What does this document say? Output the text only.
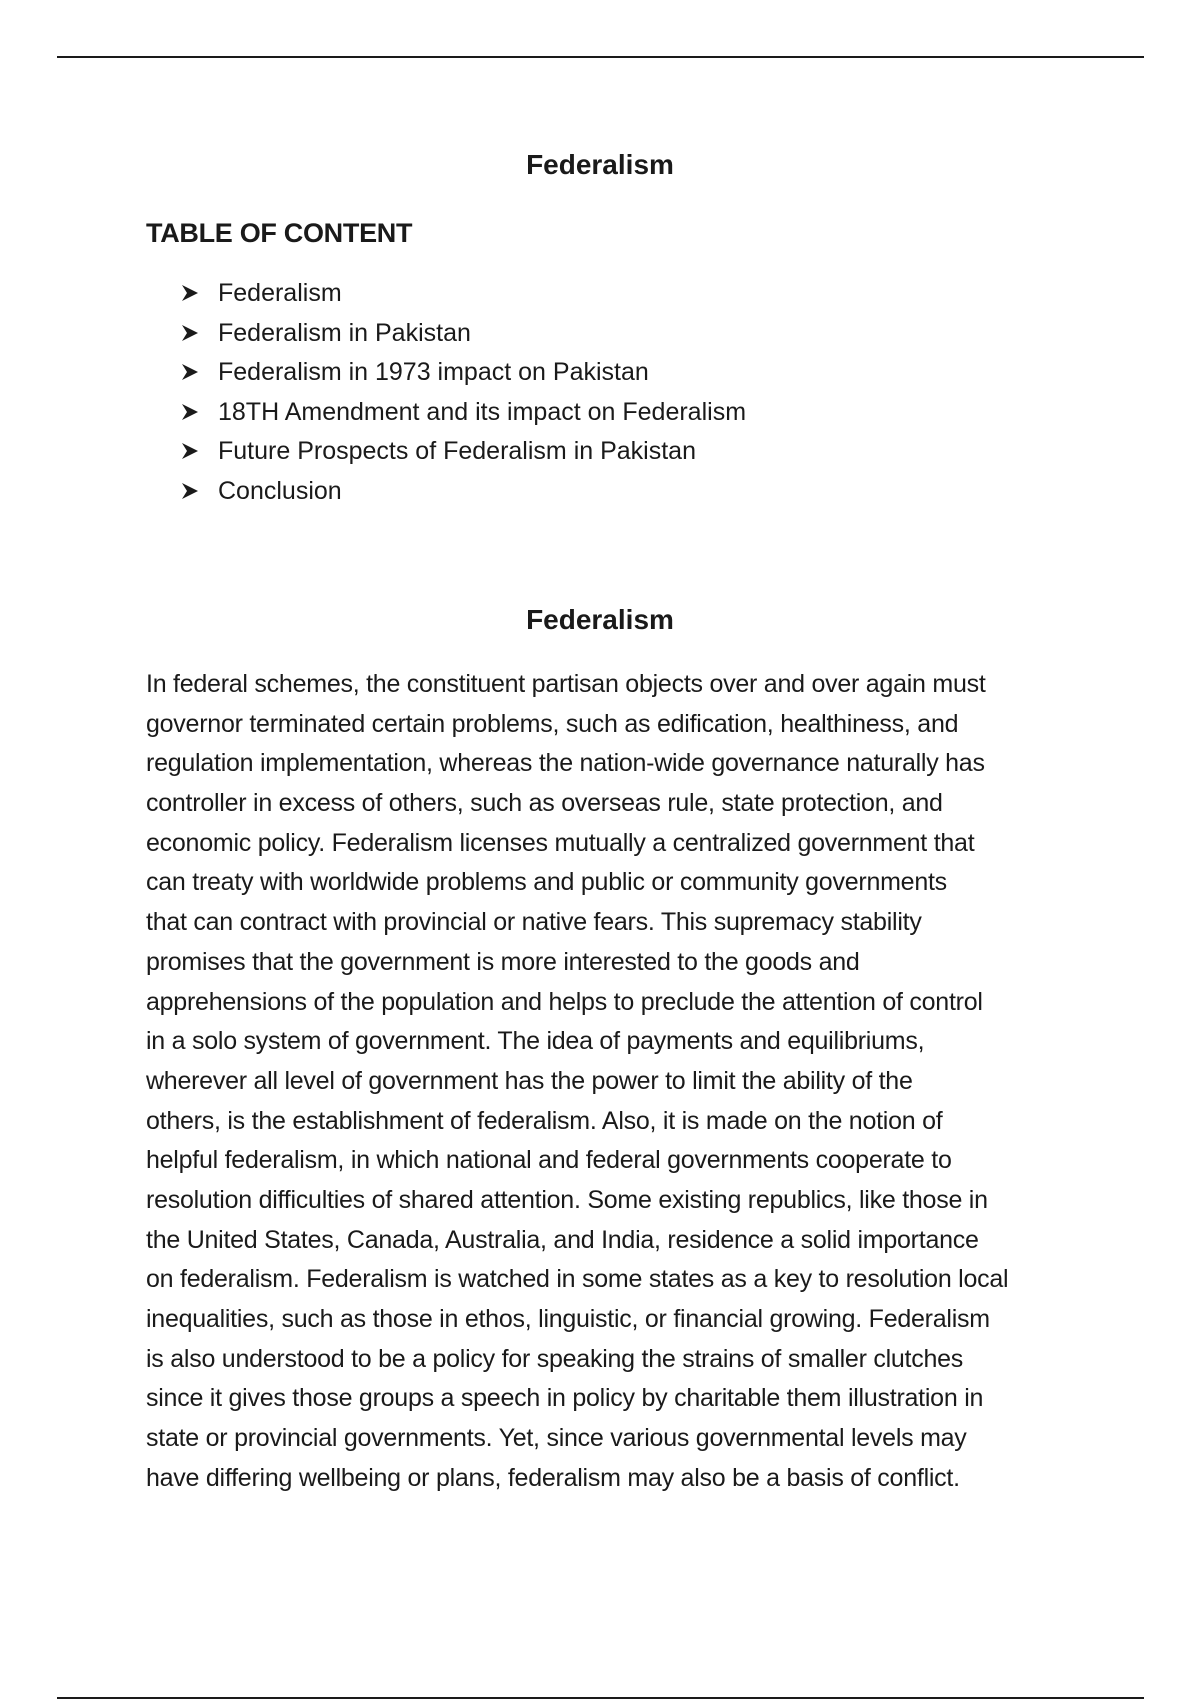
Federalism
TABLE OF CONTENT
Federalism
Federalism in Pakistan
Federalism in 1973 impact on Pakistan
18TH Amendment and its impact on Federalism
Future Prospects of Federalism in Pakistan
Conclusion
Federalism
In federal schemes, the constituent partisan objects over and over again must
governor terminated certain problems, such as edification, healthiness, and
regulation implementation, whereas the nation-wide governance naturally has
controller in excess of others, such as overseas rule, state protection, and
economic policy. Federalism licenses mutually a centralized government that
can treaty with worldwide problems and public or community governments
that can contract with provincial or native fears. This supremacy stability
promises that the government is more interested to the goods and
apprehensions of the population and helps to preclude the attention of control
in a solo system of government. The idea of payments and equilibriums,
wherever all level of government has the power to limit the ability of the
others, is the establishment of federalism. Also, it is made on the notion of
helpful federalism, in which national and federal governments cooperate to
resolution difficulties of shared attention. Some existing republics, like those in
the United States, Canada, Australia, and India, residence a solid importance
on federalism. Federalism is watched in some states as a key to resolution local
inequalities, such as those in ethos, linguistic, or financial growing. Federalism
is also understood to be a policy for speaking the strains of smaller clutches
since it gives those groups a speech in policy by charitable them illustration in
state or provincial governments. Yet, since various governmental levels may
have differing wellbeing or plans, federalism may also be a basis of conflict.
